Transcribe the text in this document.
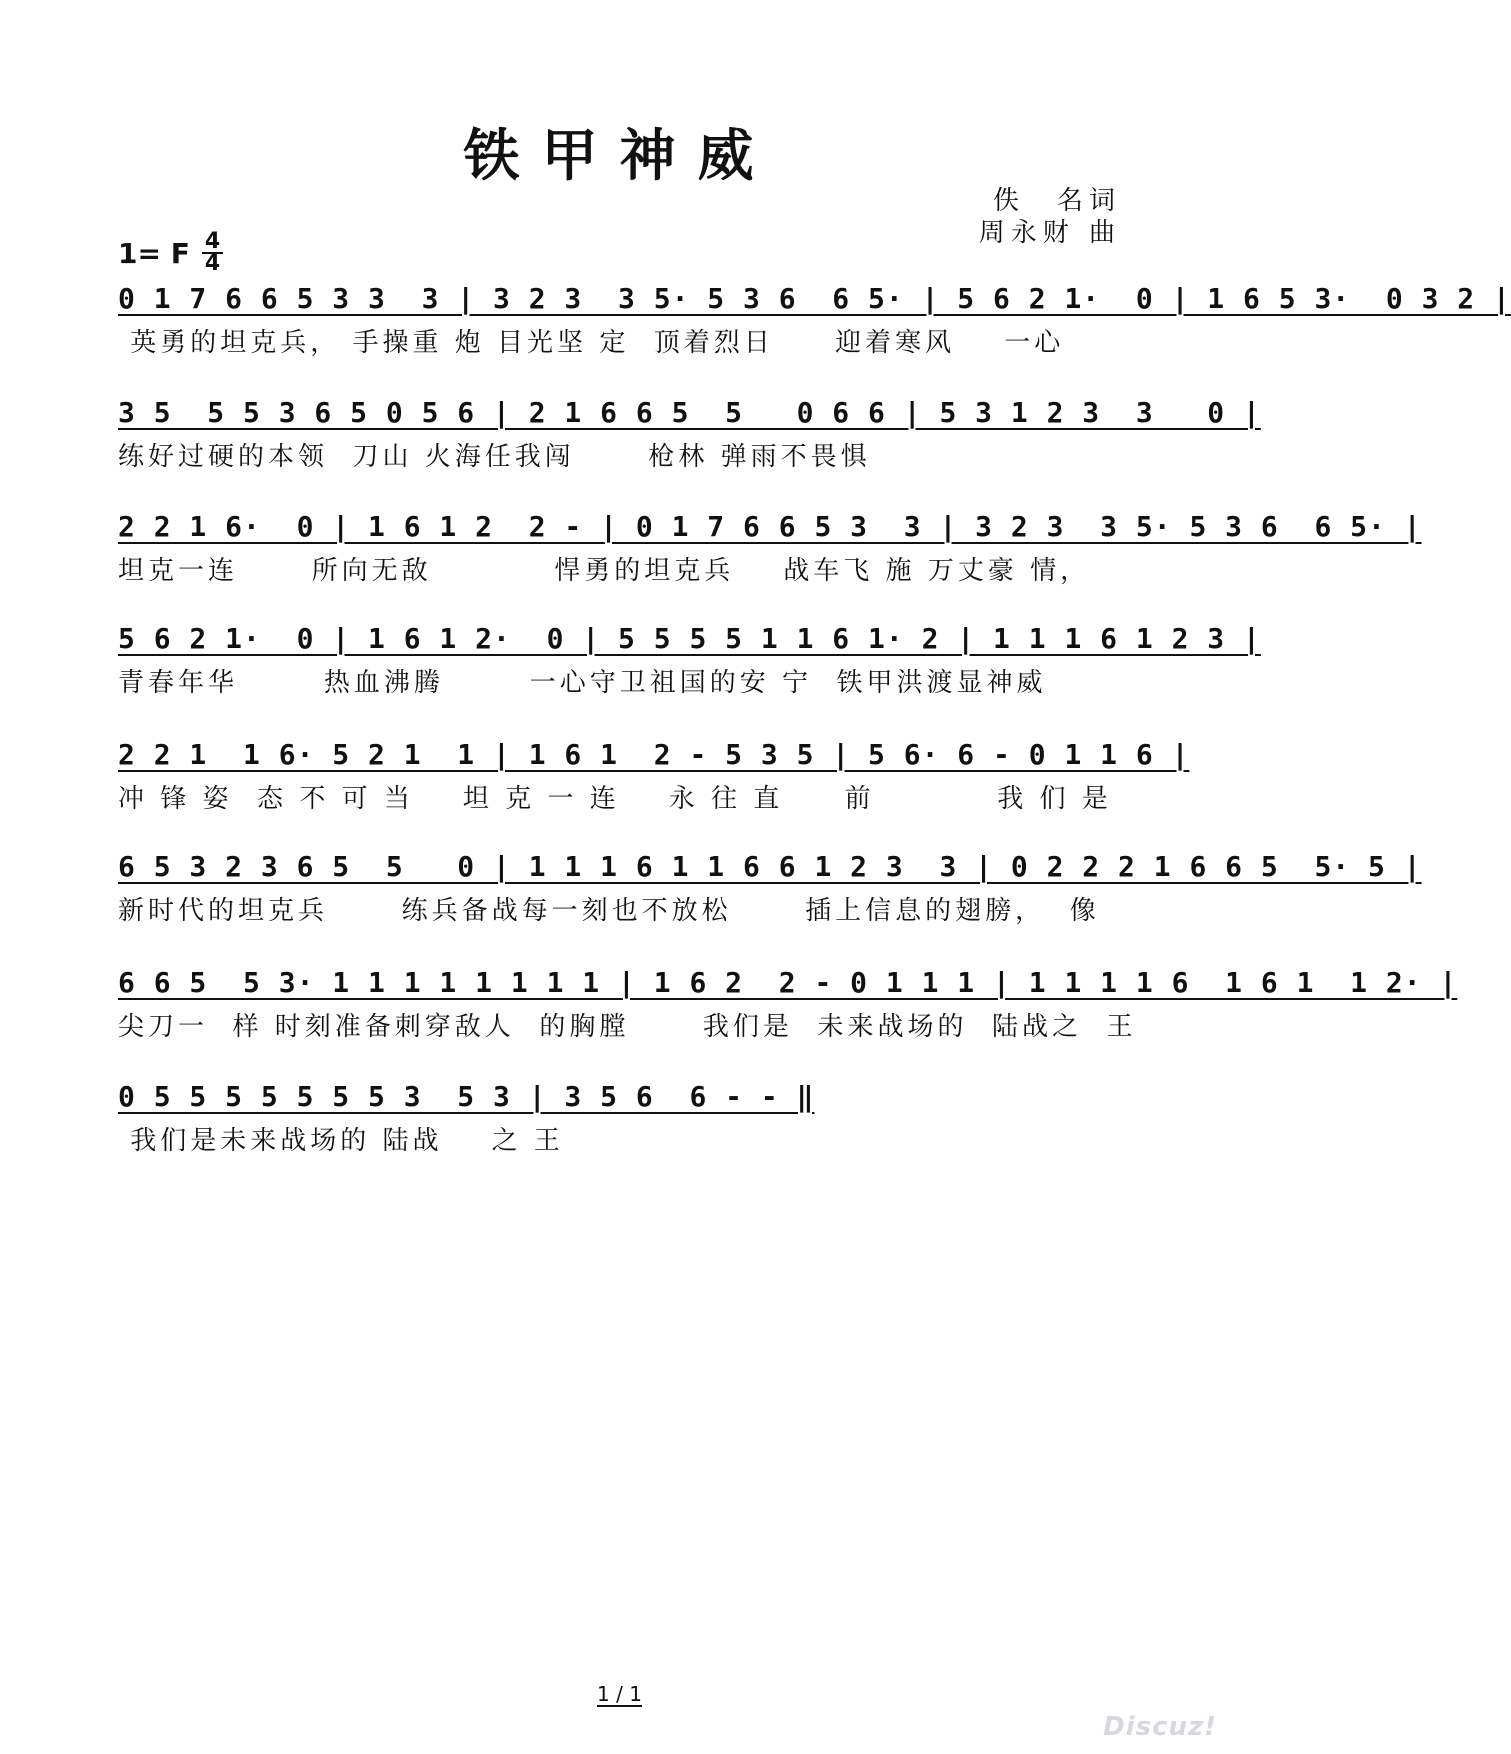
铁甲神威
佚　名词
周永财 曲
1= F $\frac{4}{4}$
0 1 7 6 6 5 3 3  3 | 3 2 3  3 5· 5 3 6  6 5· | 5 6 2 1·  0 | 1 6 5 3·  0 3 2 |
英勇的坦克兵， 手操重 炮 目光坚 定  顶着烈日     迎着寒风    一心
3 5  5 5 3 6 5 0 5 6 | 2 1 6 6 5  5   0 6 6 | 5 3 1 2 3  3   0 |
练好过硬的本领  刀山 火海任我闯      枪林 弹雨不畏惧
2 2 1 6·  0 | 1 6 1 2  2 - | 0 1 7 6 6 5 3  3 | 3 2 3  3 5· 5 3 6  6 5· |
坦克一连      所向无敌          悍勇的坦克兵    战车飞 施 万丈豪 情，
5 6 2 1·  0 | 1 6 1 2·  0 | 5 5 5 5 1 1 6 1· 2 | 1 1 1 6 1 2 3 |
青春年华       热血沸腾       一心守卫祖国的安 宁  铁甲洪渡显神威
2 2 1  1 6· 5 2 1  1 | 1 6 1  2 - 5 3 5 | 5 6· 6 - 0 1 1 6 |
冲 锋 姿  态 不 可 当    坦 克 一 连    永 往 直     前          我 们 是
6 5 3 2 3 6 5  5   0 | 1 1 1 6 1 1 6 6 1 2 3  3 | 0 2 2 2 1 6 6 5  5· 5 |
新时代的坦克兵      练兵备战每一刻也不放松      插上信息的翅膀，  像
6 6 5  5 3· 1 1 1 1 1 1 1 1 | 1 6 2  2 - 0 1 1 1 | 1 1 1 1 6  1 6 1  1 2· |
尖刀一  样 时刻准备刺穿敌人  的胸膛      我们是  未来战场的  陆战之  王
0 5 5 5 5 5 5 5 3  5 3 | 3 5 6  6 - - ‖
我们是未来战场的 陆战    之 王
1 / 1
Discuz!
